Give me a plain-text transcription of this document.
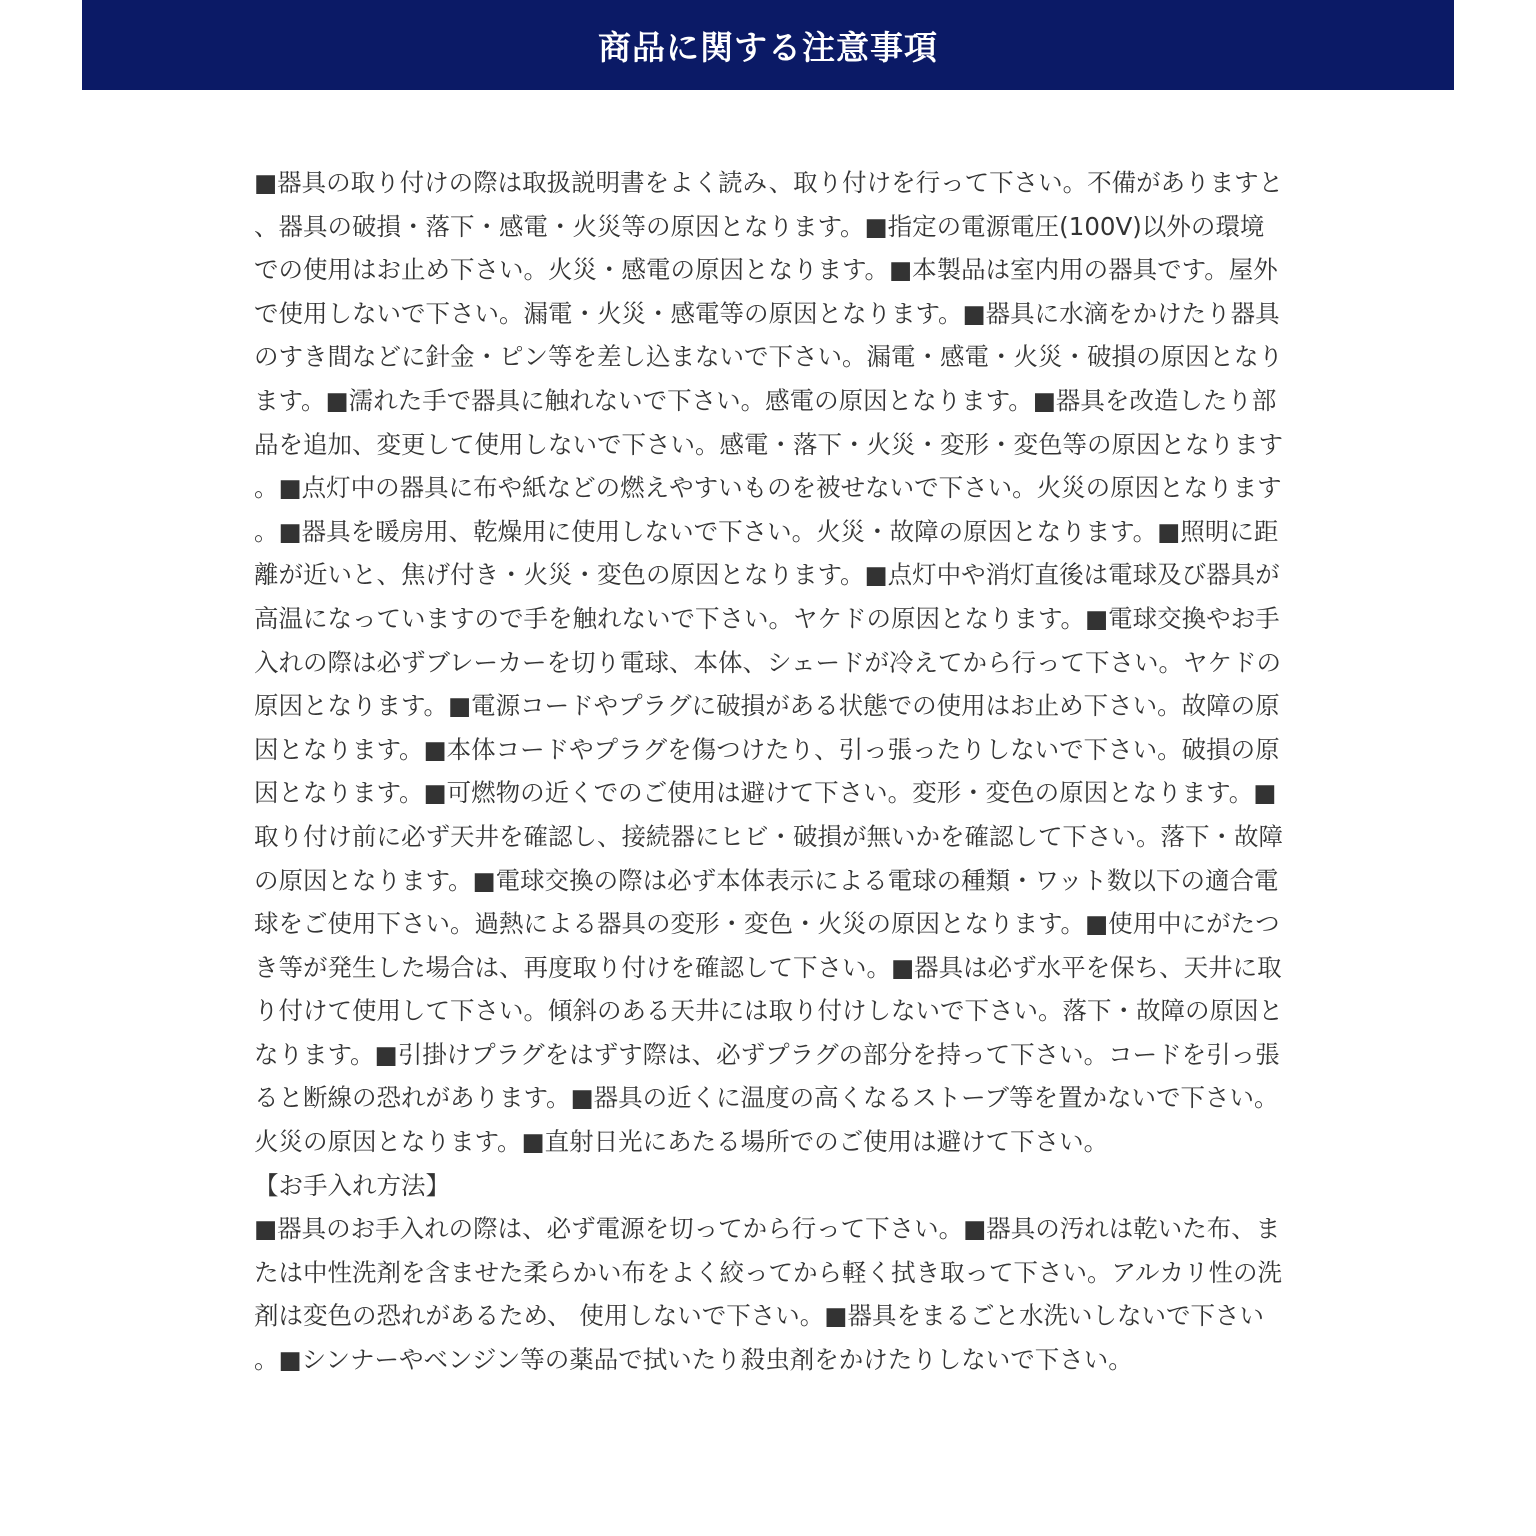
商品に関する注意事項

■器具の取り付けの際は取扱説明書をよく読み、取り付けを行って下さい。不備がありますと、器具の破損・落下・感電・火災等の原因となります。■指定の電源電圧(100V)以外の環境での使用はお止め下さい。火災・感電の原因となります。■本製品は室内用の器具です。屋外で使用しないで下さい。漏電・火災・感電等の原因となります。■器具に水滴をかけたり器具のすき間などに針金・ピン等を差し込まないで下さい。漏電・感電・火災・破損の原因となります。■濡れた手で器具に触れないで下さい。感電の原因となります。■器具を改造したり部品を追加、変更して使用しないで下さい。感電・落下・火災・変形・変色等の原因となります。■点灯中の器具に布や紙などの燃えやすいものを被せないで下さい。火災の原因となります。■器具を暖房用、乾燥用に使用しないで下さい。火災・故障の原因となります。■照明に距離が近いと、焦げ付き・火災・変色の原因となります。■点灯中や消灯直後は電球及び器具が高温になっていますので手を触れないで下さい。ヤケドの原因となります。■電球交換やお手入れの際は必ずブレーカーを切り電球、本体、シェードが冷えてから行って下さい。ヤケドの原因となります。■電源コードやプラグに破損がある状態での使用はお止め下さい。故障の原因となります。■本体コードやプラグを傷つけたり、引っ張ったりしないで下さい。破損の原因となります。■可燃物の近くでのご使用は避けて下さい。変形・変色の原因となります。■取り付け前に必ず天井を確認し、接続器にヒビ・破損が無いかを確認して下さい。落下・故障の原因となります。■電球交換の際は必ず本体表示による電球の種類・ワット数以下の適合電球をご使用下さい。過熱による器具の変形・変色・火災の原因となります。■使用中にがたつき等が発生した場合は、再度取り付けを確認して下さい。■器具は必ず水平を保ち、天井に取り付けて使用して下さい。傾斜のある天井には取り付けしないで下さい。落下・故障の原因となります。■引掛けプラグをはずす際は、必ずプラグの部分を持って下さい。コードを引っ張ると断線の恐れがあります。■器具の近くに温度の高くなるストーブ等を置かないで下さい。火災の原因となります。■直射日光にあたる場所でのご使用は避けて下さい。

【お手入れ方法】

■器具のお手入れの際は、必ず電源を切ってから行って下さい。■器具の汚れは乾いた布、または中性洗剤を含ませた柔らかい布をよく絞ってから軽く拭き取って下さい。アルカリ性の洗剤は変色の恐れがあるため、 使用しないで下さい。■器具をまるごと水洗いしないで下さい。■シンナーやベンジン等の薬品で拭いたり殺虫剤をかけたりしないで下さい。
